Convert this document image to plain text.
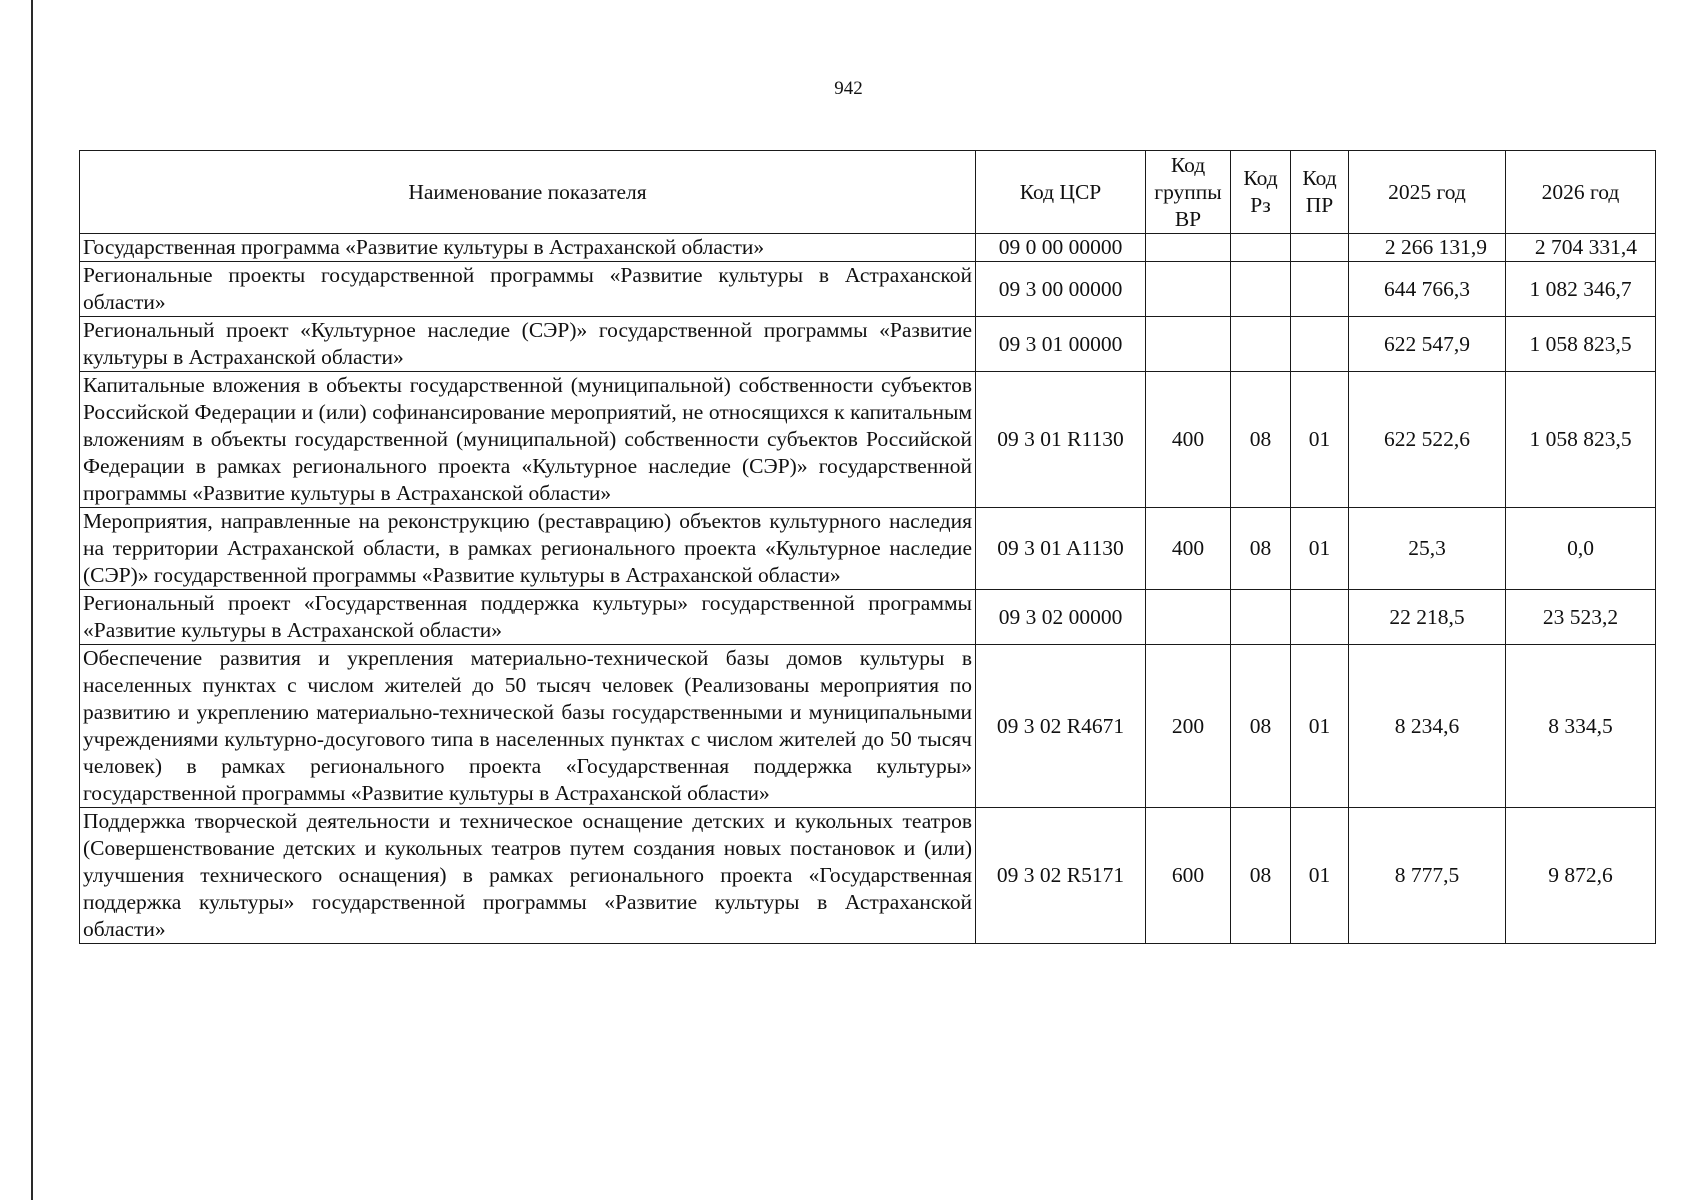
942
Наименование показателя	Код ЦСР	Код группы ВР	Код Рз	Код ПР	2025 год	2026 год
Государственная программа «Развитие культуры в Астраханской области»	09 0 00 00000				2 266 131,9	2 704 331,4
Региональные проекты государственной программы «Развитие культуры в Астраханской области»	09 3 00 00000				644 766,3	1 082 346,7
Региональный проект «Культурное наследие (СЭР)» государственной программы «Развитие культуры в Астраханской области»	09 3 01 00000				622 547,9	1 058 823,5
Капитальные вложения в объекты государственной (муниципальной) собственности субъектов Российской Федерации и (или) софинансирование мероприятий, не относящихся к капитальным вложениям в объекты государственной (муниципальной) собственности субъектов Российской Федерации в рамках регионального проекта «Культурное наследие (СЭР)» государственной программы «Развитие культуры в Астраханской области»	09 3 01 R1130	400	08	01	622 522,6	1 058 823,5
Мероприятия, направленные на реконструкцию (реставрацию) объектов культурного наследия на территории Астраханской области, в рамках регионального проекта «Культурное наследие (СЭР)» государственной программы «Развитие культуры в Астраханской области»	09 3 01 A1130	400	08	01	25,3	0,0
Региональный проект «Государственная поддержка культуры» государственной программы «Развитие культуры в Астраханской области»	09 3 02 00000				22 218,5	23 523,2
Обеспечение развития и укрепления материально-технической базы домов культуры в населенных пунктах с числом жителей до 50 тысяч человек (Реализованы мероприятия по развитию и укреплению материально-технической базы государственными и муниципальными учреждениями культурно-досугового типа в населенных пунктах с числом жителей до 50 тысяч человек) в рамках регионального проекта «Государственная поддержка культуры» государственной программы «Развитие культуры в Астраханской области»	09 3 02 R4671	200	08	01	8 234,6	8 334,5
Поддержка творческой деятельности и техническое оснащение детских и кукольных театров (Совершенствование детских и кукольных театров путем создания новых постановок и (или) улучшения технического оснащения) в рамках регионального проекта «Государственная поддержка культуры» государственной программы «Развитие культуры в Астраханской области»	09 3 02 R5171	600	08	01	8 777,5	9 872,6
